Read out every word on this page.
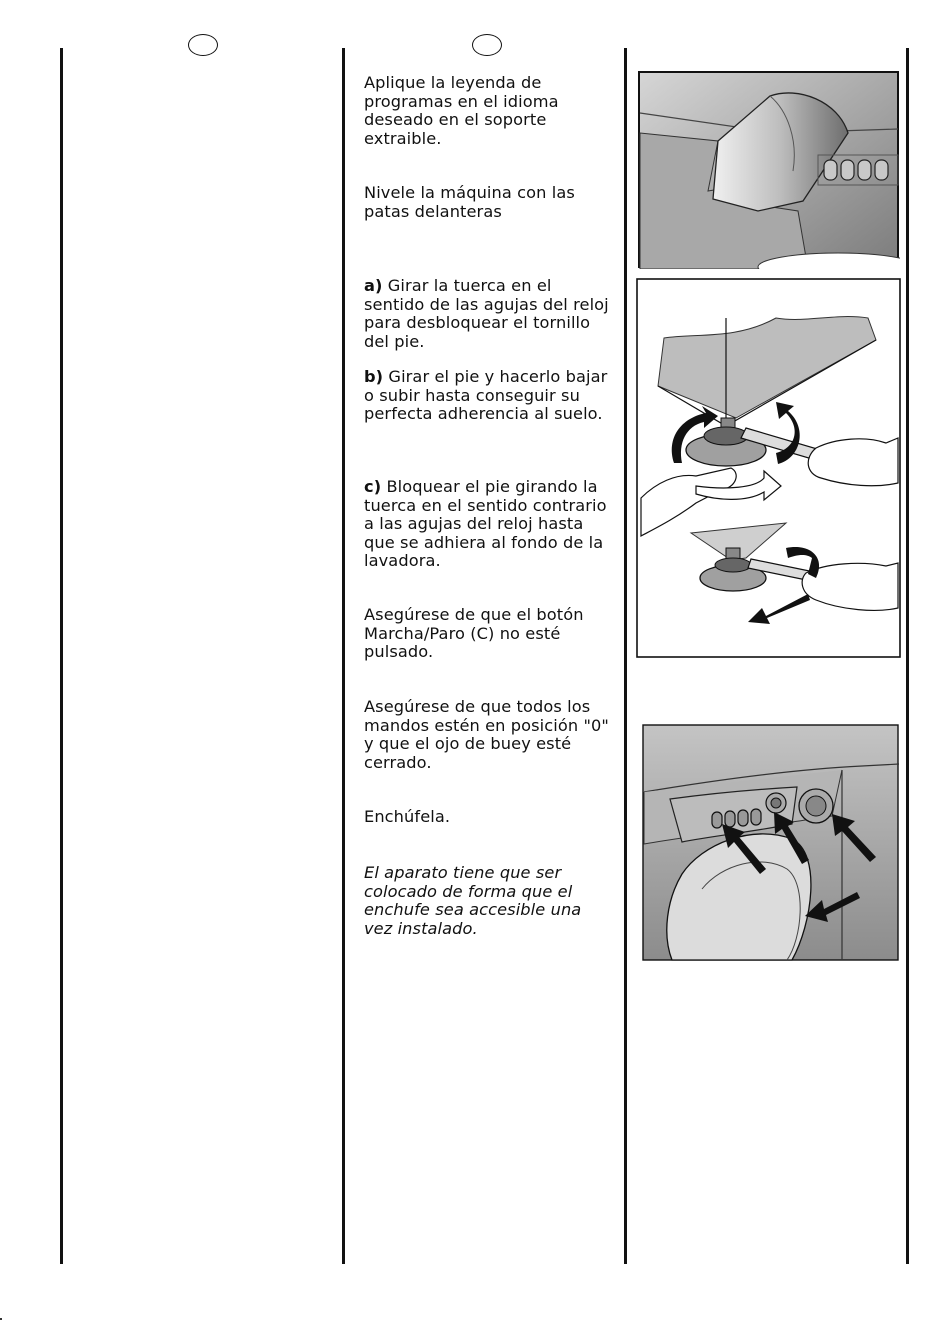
Aplique la leyenda de programas en el idioma deseado en el soporte extraible.

Nivele la máquina con las patas delanteras

a) Girar la tuerca en el sentido de las agujas del reloj para desbloquear el tornillo del pie.

b) Girar el pie y hacerlo bajar o subir hasta conseguir su perfecta adherencia al suelo.

c) Bloquear el pie girando la tuerca en el sentido contrario a las agujas del reloj hasta que se adhiera al fondo de la lavadora.

Asegúrese de que el botón Marcha/Paro (C) no esté pulsado.

Asegúrese de que todos los mandos estén en posición "0" y que el ojo de buey esté cerrado.

Enchúfela.

El aparato tiene que ser colocado de forma que el enchufe sea accesible una vez instalado.
